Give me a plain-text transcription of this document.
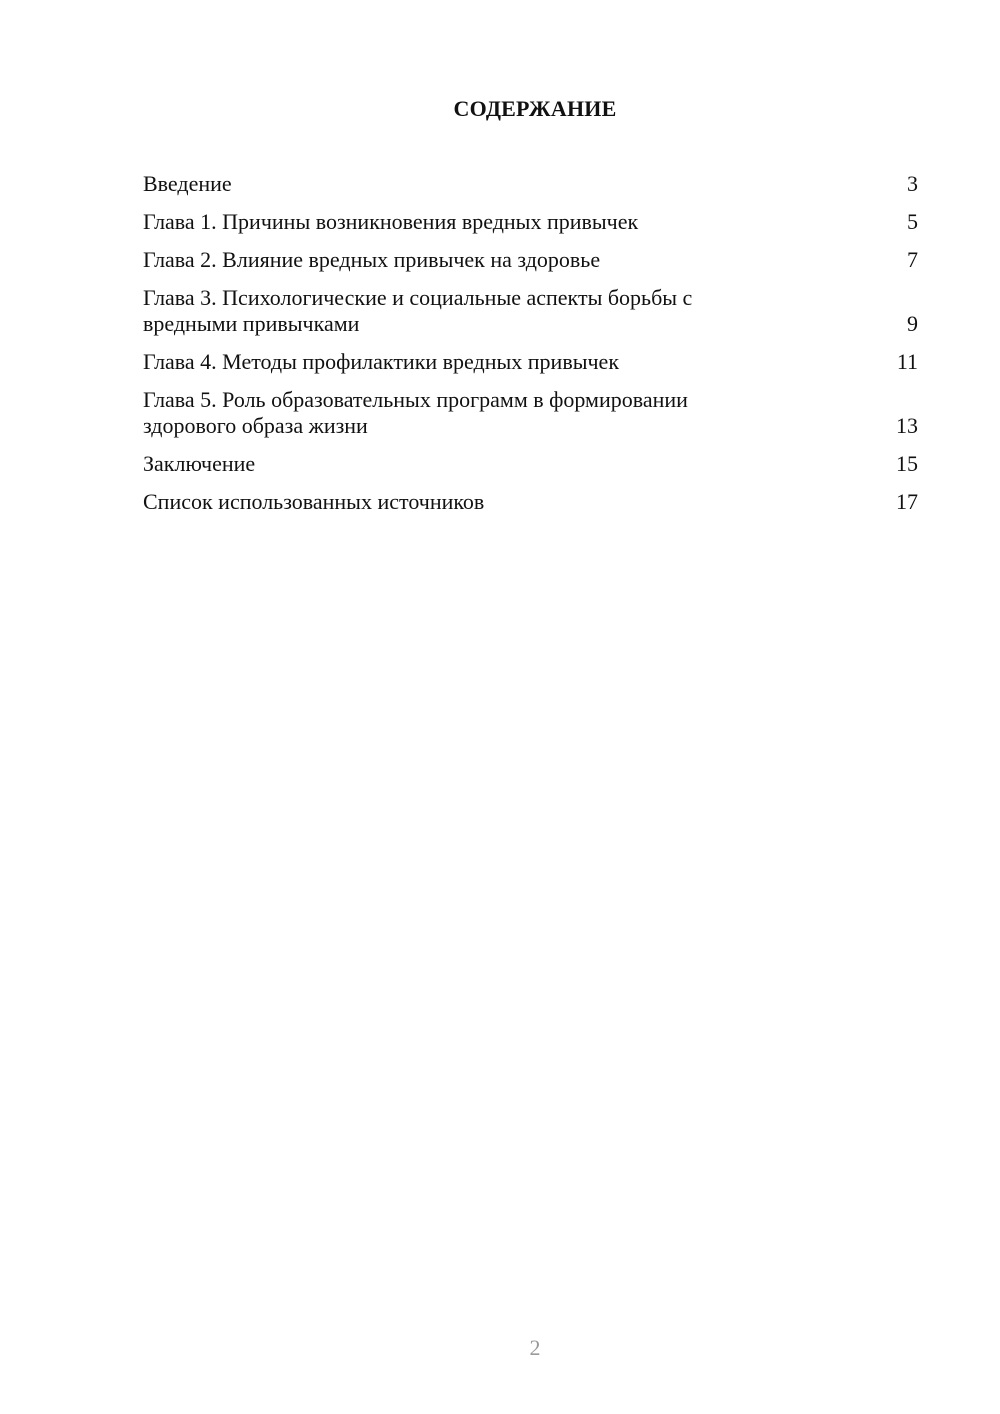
СОДЕРЖАНИЕ
Введение	3
Глава 1. Причины возникновения вредных привычек	5
Глава 2. Влияние вредных привычек на здоровье	7
Глава 3. Психологические и социальные аспекты борьбы с вредными привычками	9
Глава 4. Методы профилактики вредных привычек	11
Глава 5. Роль образовательных программ в формировании здорового образа жизни	13
Заключение	15
Список использованных источников	17
2
